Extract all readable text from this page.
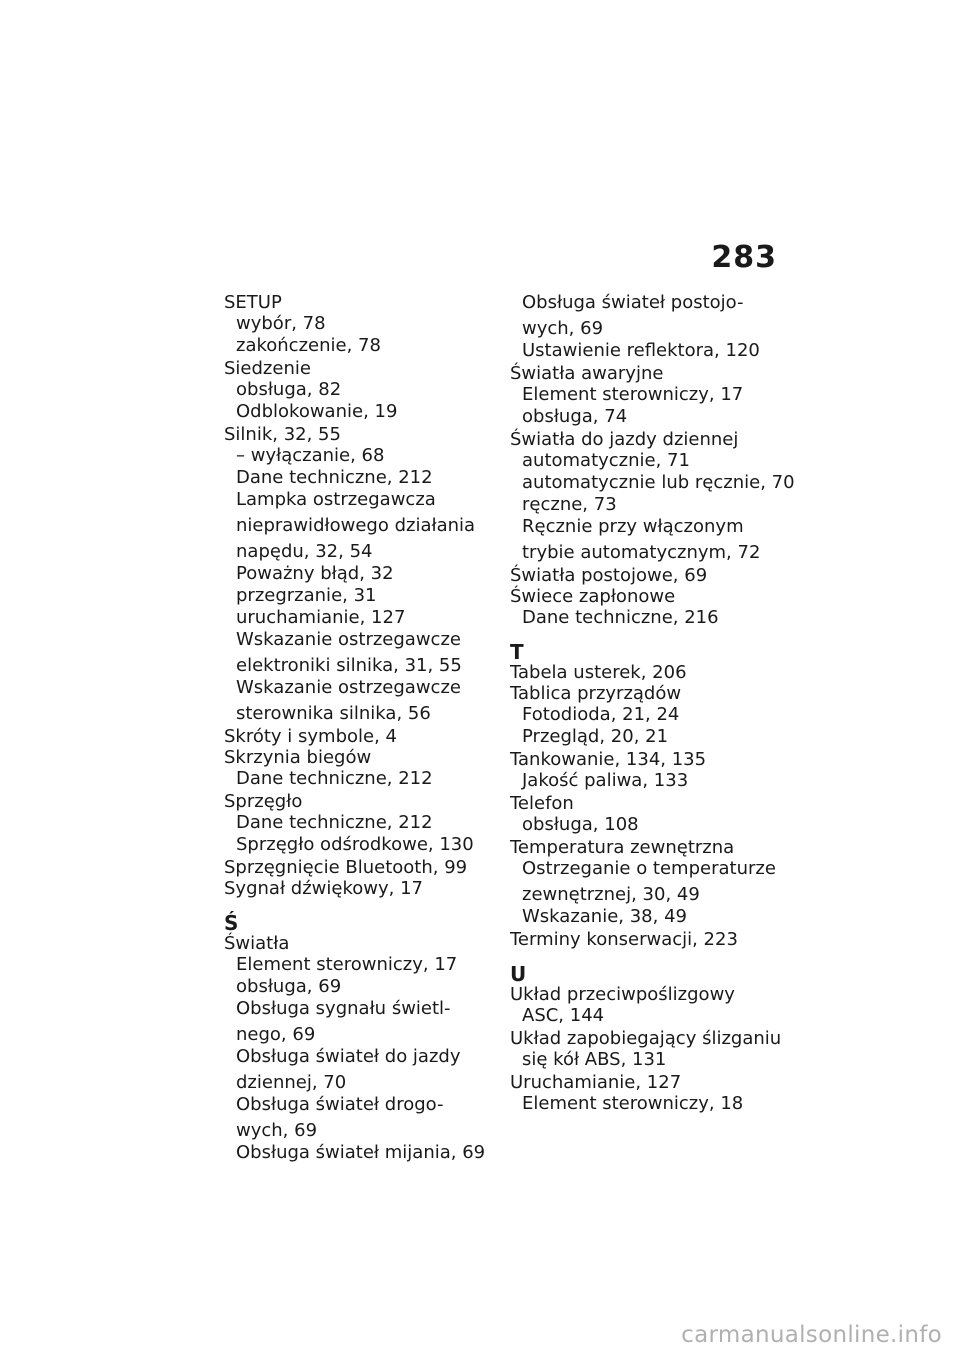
283
SETUP
wybór, 78
zakończenie, 78
Siedzenie
obsługa, 82
Odblokowanie, 19
Silnik, 32, 55
– wyłączanie, 68
Dane techniczne, 212
Lampka ostrzegawcza
nieprawidłowego działania
napędu, 32, 54
Poważny błąd, 32
przegrzanie, 31
uruchamianie, 127
Wskazanie ostrzegawcze
elektroniki silnika, 31, 55
Wskazanie ostrzegawcze
sterownika silnika, 56
Skróty i symbole, 4
Skrzynia biegów
Dane techniczne, 212
Sprzęgło
Dane techniczne, 212
Sprzęgło odśrodkowe, 130
Sprzęgnięcie Bluetooth, 99
Sygnał dźwiękowy, 17
Ś
Światła
Element sterowniczy, 17
obsługa, 69
Obsługa sygnału świetl-
nego, 69
Obsługa świateł do jazdy
dziennej, 70
Obsługa świateł drogo-
wych, 69
Obsługa świateł mijania, 69
Obsługa świateł postojo-
wych, 69
Ustawienie reflektora, 120
Światła awaryjne
Element sterowniczy, 17
obsługa, 74
Światła do jazdy dziennej
automatycznie, 71
automatycznie lub ręcznie, 70
ręczne, 73
Ręcznie przy włączonym
trybie automatycznym, 72
Światła postojowe, 69
Świece zapłonowe
Dane techniczne, 216
T
Tabela usterek, 206
Tablica przyrządów
Fotodioda, 21, 24
Przegląd, 20, 21
Tankowanie, 134, 135
Jakość paliwa, 133
Telefon
obsługa, 108
Temperatura zewnętrzna
Ostrzeganie o temperaturze
zewnętrznej, 30, 49
Wskazanie, 38, 49
Terminy konserwacji, 223
U
Układ przeciwpoślizgowy
ASC, 144
Układ zapobiegający ślizganiu
się kół ABS, 131
Uruchamianie, 127
Element sterowniczy, 18
carmanualsonline.info
